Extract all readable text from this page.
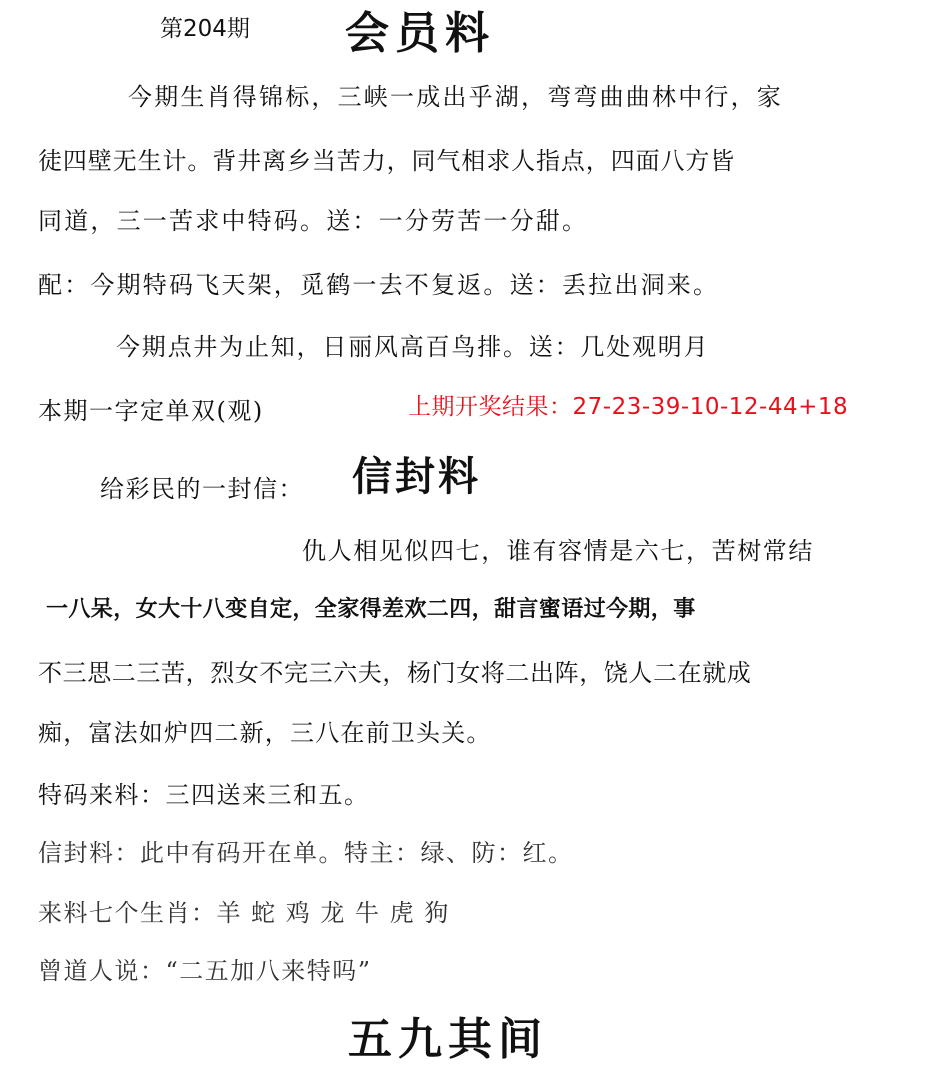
第204期 会员料
今期生肖得锦标，三峡一成出乎湖，弯弯曲曲林中行，家
徒四壁无生计。背井离乡当苦力，同气相求人指点，四面八方皆
同道，三一苦求中特码。送：一分劳苦一分甜。
配：今期特码飞天架，觅鹤一去不复返。送：丢拉出洞来。
今期点井为止知，日丽风高百鸟排。送：几处观明月
本期一字定单双(观)	上期开奖结果：27-23-39-10-12-44+18
给彩民的一封信： 信封料
仇人相见似四七，谁有容情是六七，苦树常结
一八呆，女大十八变自定，全家得差欢二四，甜言蜜语过今期，事
不三思二三苦，烈女不完三六夫，杨门女将二出阵，饶人二在就成
痴，富法如炉四二新，三八在前卫头关。
特码来料：三四送来三和五。
信封料：此中有码开在单。特主：绿、防：红。
来料七个生肖：羊 蛇 鸡 龙 牛 虎 狗
曾道人说：“二五加八来特吗”
五九其间
